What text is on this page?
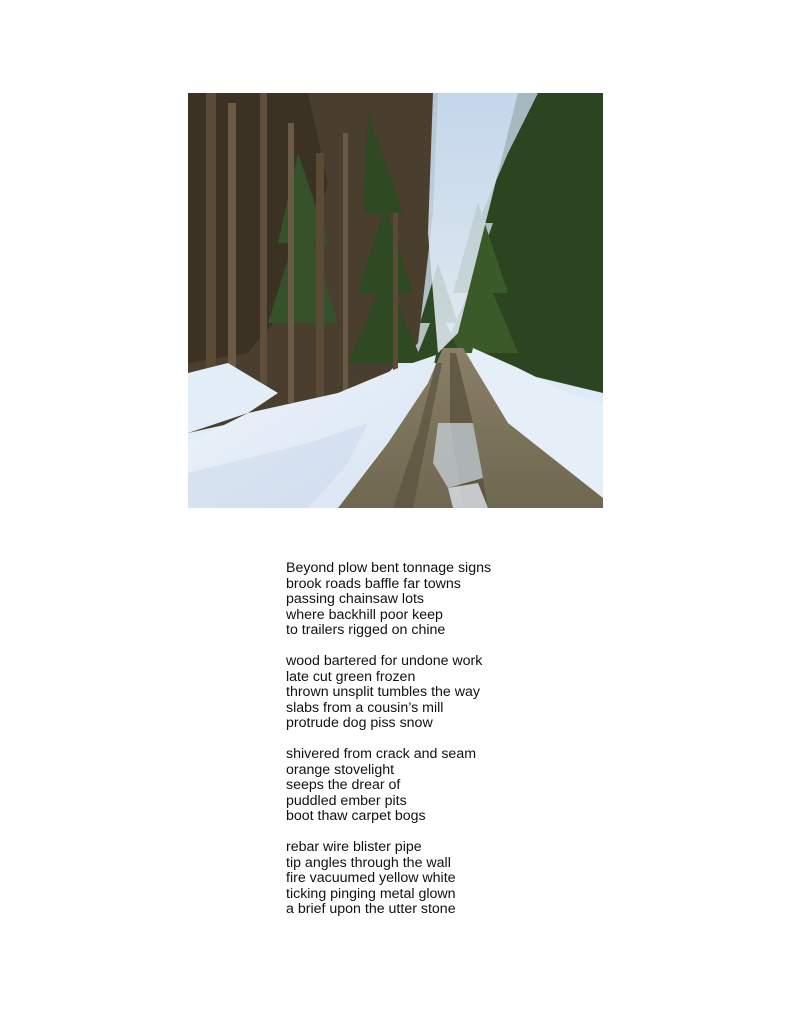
Beyond plow bent tonnage signs
brook roads baffle far towns
passing chainsaw lots
where backhill poor keep
to trailers rigged on chine
wood bartered for undone work
late cut green frozen
thrown unsplit tumbles the way
slabs from a cousin’s mill
protrude dog piss snow
shivered from crack and seam
orange stovelight
seeps the drear of
puddled ember pits
boot thaw carpet bogs
rebar wire blister pipe
tip angles through the wall
fire vacuumed yellow white
ticking pinging metal glown
a brief upon the utter stone
